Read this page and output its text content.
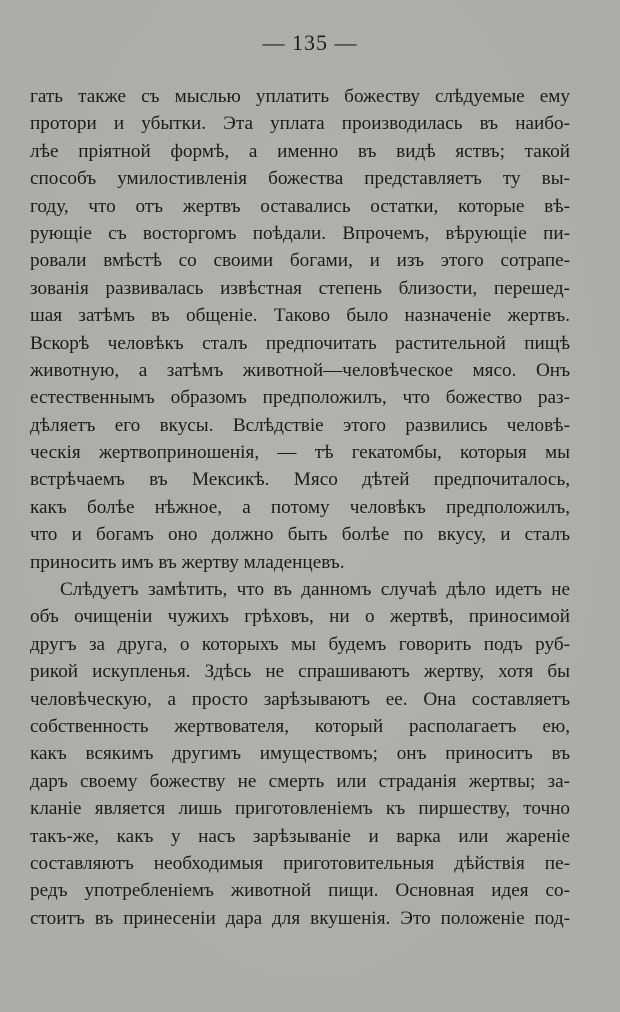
— 135 —
гать также съ мыслью уплатить божеству слѣдуемые ему
протори и убытки. Эта уплата производилась въ наибо-
лѣе пріятной формѣ, а именно въ видѣ яствъ; такой
способъ умилостивленія божества представляетъ ту вы-
году, что отъ жертвъ оставались остатки, которые вѣ-
рующіе съ восторгомъ поѣдали. Впрочемъ, вѣрующіе пи-
ровали вмѣстѣ со своими богами, и изъ этого сотрапе-
зованія развивалась извѣстная степень близости, перешед-
шая затѣмъ въ общеніе. Таково было назначеніе жертвъ.
Вскорѣ человѣкъ сталъ предпочитать растительной пищѣ
животную, а затѣмъ животной—человѣческое мясо. Онъ
естественнымъ образомъ предположилъ, что божество раз-
дѣляетъ его вкусы. Вслѣдствіе этого развились человѣ-
ческія жертвоприношенія, — тѣ гекатомбы, которыя мы
встрѣчаемъ въ Мексикѣ. Мясо дѣтей предпочиталось,
какъ болѣе нѣжное, а потому человѣкъ предположилъ,
что и богамъ оно должно быть болѣе по вкусу, и сталъ
приносить имъ въ жертву младенцевъ.
Слѣдуетъ замѣтить, что въ данномъ случаѣ дѣло идетъ не
объ очищеніи чужихъ грѣховъ, ни о жертвѣ, приносимой
другъ за друга, о которыхъ мы будемъ говорить подъ руб-
рикой искупленья. Здѣсь не спрашиваютъ жертву, хотя бы
человѣческую, а просто зарѣзываютъ ее. Она составляетъ
собственность жертвователя, который располагаетъ ею,
какъ всякимъ другимъ имуществомъ; онъ приноситъ въ
даръ своему божеству не смерть или страданія жертвы; за-
кланіе является лишь приготовленіемъ къ пиршеству, точно
такъ-же, какъ у насъ зарѣзываніе и варка или жареніе
составляютъ необходимыя приготовительныя дѣйствія пе-
редъ употребленіемъ животной пищи. Основная идея со-
стоитъ въ принесеніи дара для вкушенія. Это положеніе под-
